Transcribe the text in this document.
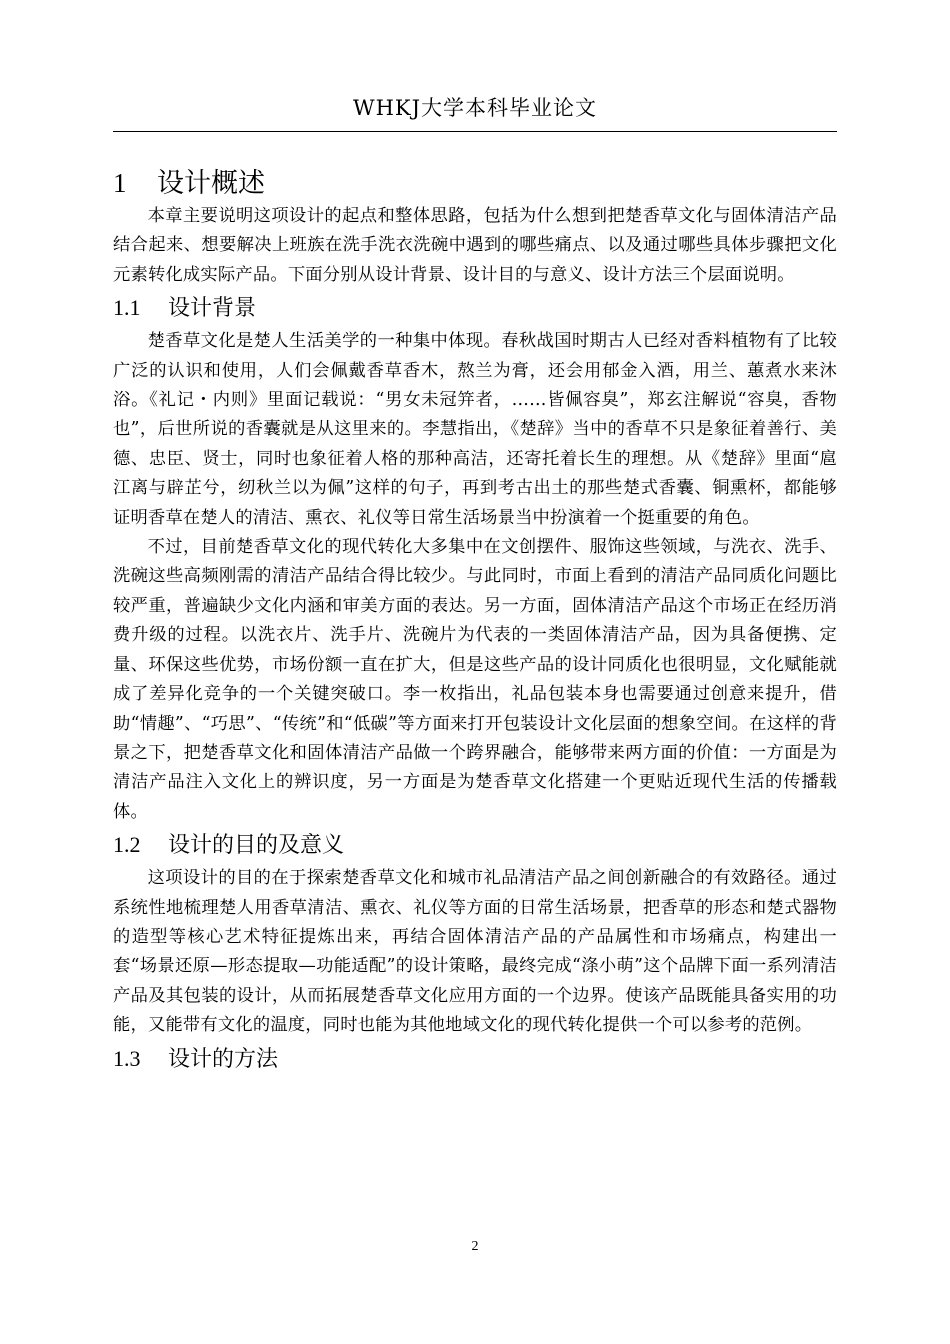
WHKJ大学本科毕业论文
1 设计概述

本章主要说明这项设计的起点和整体思路，包括为什么想到把楚香草文化与固体清洁产品结合起来、想要解决上班族在洗手洗衣洗碗中遇到的哪些痛点、以及通过哪些具体步骤把文化元素转化成实际产品。下面分别从设计背景、设计目的与意义、设计方法三个层面说明。

1.1 设计背景

楚香草文化是楚人生活美学的一种集中体现。春秋战国时期古人已经对香料植物有了比较广泛的认识和使用，人们会佩戴香草香木，熬兰为膏，还会用郁金入酒，用兰、蕙煮水来沐浴。《礼记・内则》里面记载说：“男女未冠笄者，……皆佩容臭”，郑玄注解说“容臭，香物也”，后世所说的香囊就是从这里来的。李慧指出，《楚辞》当中的香草不只是象征着善行、美德、忠臣、贤士，同时也象征着人格的那种高洁，还寄托着长生的理想。从《楚辞》里面“扈江离与辟芷兮，纫秋兰以为佩”这样的句子，再到考古出土的那些楚式香囊、铜熏杯，都能够证明香草在楚人的清洁、熏衣、礼仪等日常生活场景当中扮演着一个挺重要的角色。

不过，目前楚香草文化的现代转化大多集中在文创摆件、服饰这些领域，与洗衣、洗手、洗碗这些高频刚需的清洁产品结合得比较少。与此同时，市面上看到的清洁产品同质化问题比较严重，普遍缺少文化内涵和审美方面的表达。另一方面，固体清洁产品这个市场正在经历消费升级的过程。以洗衣片、洗手片、洗碗片为代表的一类固体清洁产品，因为具备便携、定量、环保这些优势，市场份额一直在扩大，但是这些产品的设计同质化也很明显，文化赋能就成了差异化竞争的一个关键突破口。李一枚指出，礼品包装本身也需要通过创意来提升，借助“情趣”、“巧思”、“传统”和“低碳”等方面来打开包装设计文化层面的想象空间。在这样的背景之下，把楚香草文化和固体清洁产品做一个跨界融合，能够带来两方面的价值：一方面是为清洁产品注入文化上的辨识度，另一方面是为楚香草文化搭建一个更贴近现代生活的传播载体。

1.2 设计的目的及意义

这项设计的目的在于探索楚香草文化和城市礼品清洁产品之间创新融合的有效路径。通过系统性地梳理楚人用香草清洁、熏衣、礼仪等方面的日常生活场景，把香草的形态和楚式器物的造型等核心艺术特征提炼出来，再结合固体清洁产品的产品属性和市场痛点，构建出一套“场景还原—形态提取—功能适配”的设计策略，最终完成“涤小萌”这个品牌下面一系列清洁产品及其包装的设计，从而拓展楚香草文化应用方面的一个边界。使该产品既能具备实用的功能，又能带有文化的温度，同时也能为其他地域文化的现代转化提供一个可以参考的范例。

1.3 设计的方法
2
